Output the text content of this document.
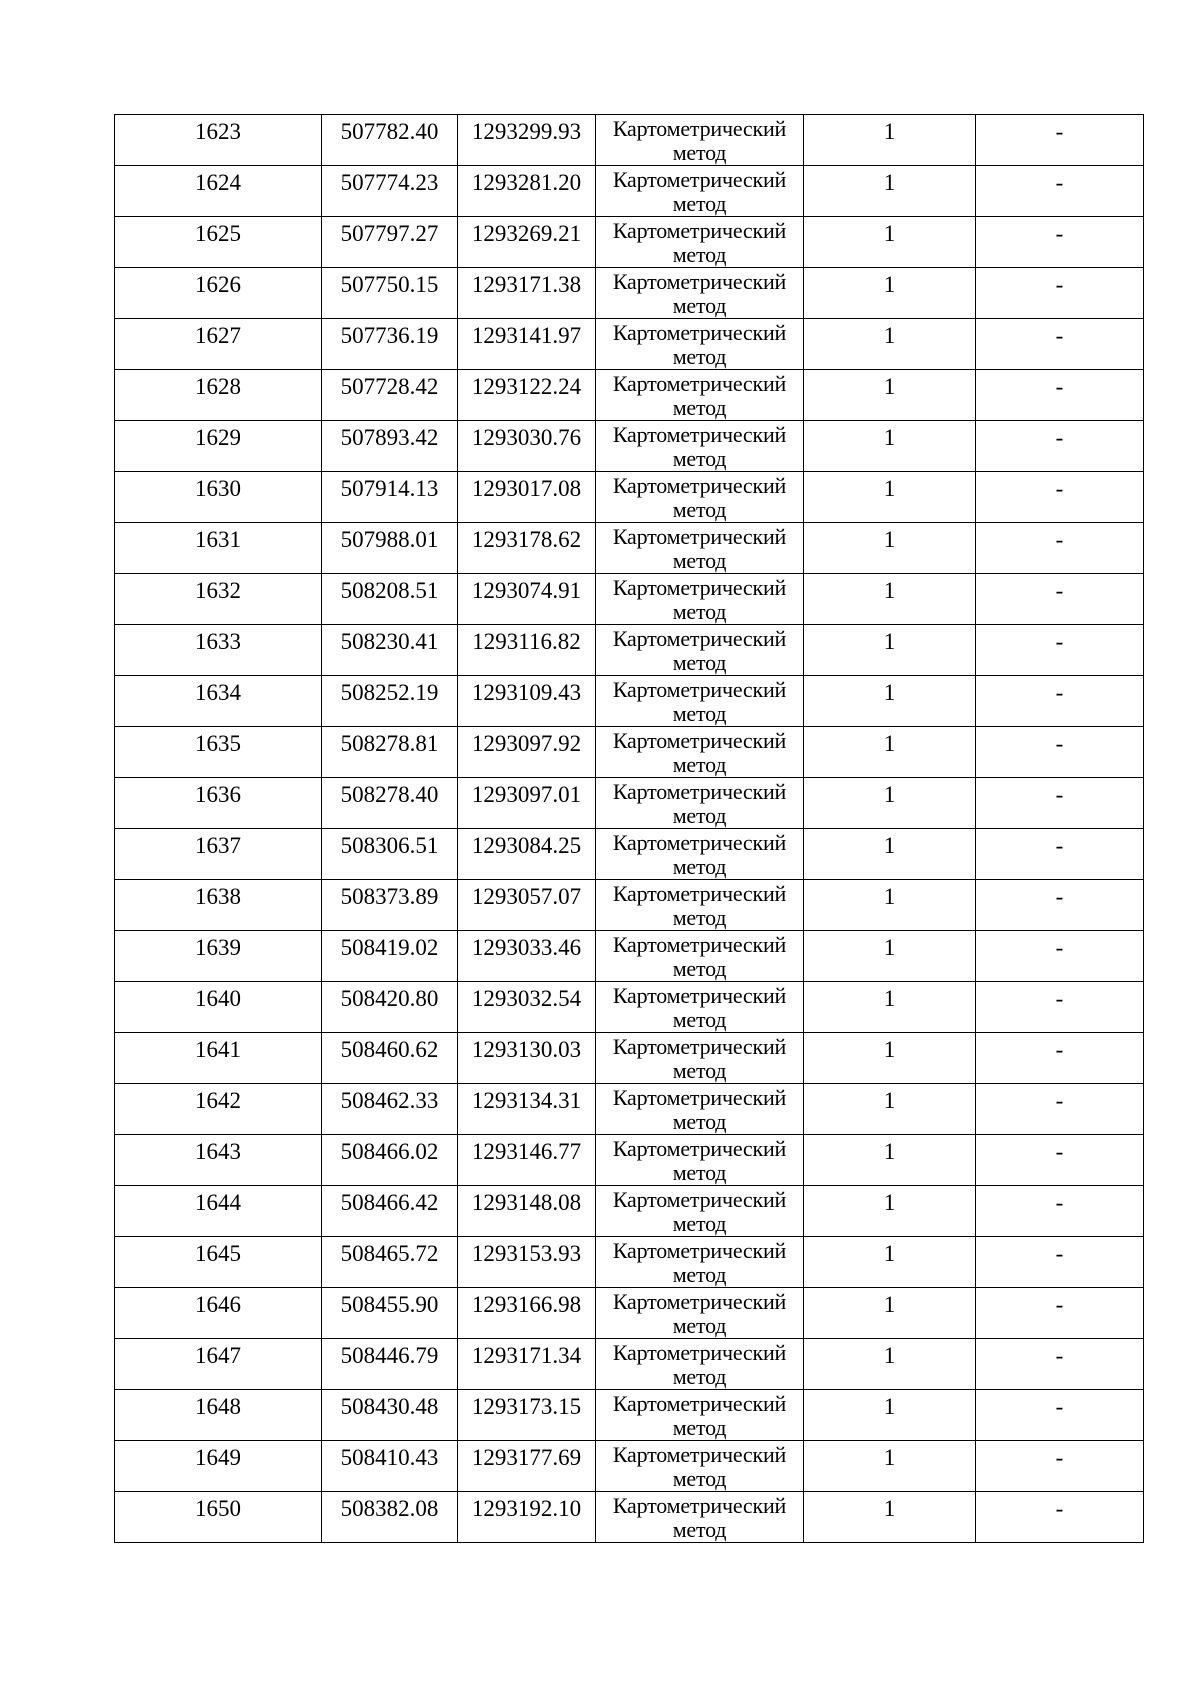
1623	507782.40	1293299.93	Картометрический метод	1	-

1624	507774.23	1293281.20	Картометрический метод	1	-

1625	507797.27	1293269.21	Картометрический метод	1	-

1626	507750.15	1293171.38	Картометрический метод	1	-

1627	507736.19	1293141.97	Картометрический метод	1	-

1628	507728.42	1293122.24	Картометрический метод	1	-

1629	507893.42	1293030.76	Картометрический метод	1	-

1630	507914.13	1293017.08	Картометрический метод	1	-

1631	507988.01	1293178.62	Картометрический метод	1	-

1632	508208.51	1293074.91	Картометрический метод	1	-

1633	508230.41	1293116.82	Картометрический метод	1	-

1634	508252.19	1293109.43	Картометрический метод	1	-

1635	508278.81	1293097.92	Картометрический метод	1	-

1636	508278.40	1293097.01	Картометрический метод	1	-

1637	508306.51	1293084.25	Картометрический метод	1	-

1638	508373.89	1293057.07	Картометрический метод	1	-

1639	508419.02	1293033.46	Картометрический метод	1	-

1640	508420.80	1293032.54	Картометрический метод	1	-

1641	508460.62	1293130.03	Картометрический метод	1	-

1642	508462.33	1293134.31	Картометрический метод	1	-

1643	508466.02	1293146.77	Картометрический метод	1	-

1644	508466.42	1293148.08	Картометрический метод	1	-

1645	508465.72	1293153.93	Картометрический метод	1	-

1646	508455.90	1293166.98	Картометрический метод	1	-

1647	508446.79	1293171.34	Картометрический метод	1	-

1648	508430.48	1293173.15	Картометрический метод	1	-

1649	508410.43	1293177.69	Картометрический метод	1	-

1650	508382.08	1293192.10	Картометрический метод	1	-
